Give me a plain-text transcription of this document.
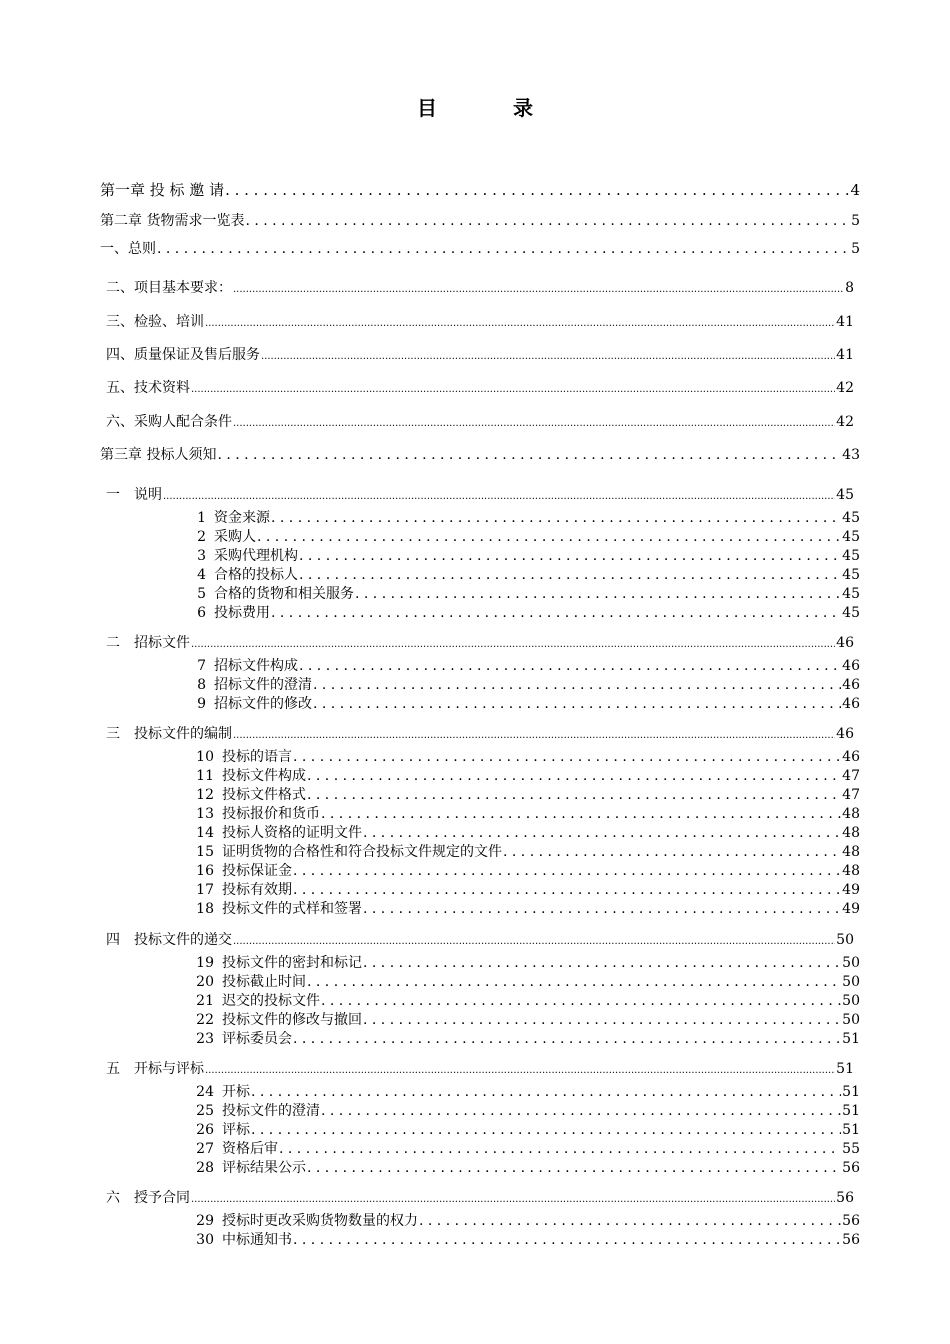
目　录
第一章 投 标 邀 请 . . .	4
第二章 货物需求一览表 . . .	5
一、总则 . . .	5
二、项目基本要求： .....	8
三、检验、培训 .....	41
四、质量保证及售后服务 .....	41
五、技术资料 .....	42
六、采购人配合条件 .....	42
第三章 投标人须知 . . .	43
一 说明 .....	45
1 资金来源 . . .	45
2 采购人 . . .	45
3 采购代理机构 . . .	45
4 合格的投标人 . . .	45
5 合格的货物和相关服务 . . .	45
6 投标费用 . . .	45
二 招标文件 .....	46
7 招标文件构成 . . .	46
8 招标文件的澄清 . . .	46
9 招标文件的修改 . . .	46
三 投标文件的编制 .....	46
10 投标的语言 . . .	46
11 投标文件构成 . . .	47
12 投标文件格式 . . .	47
13 投标报价和货币 . . .	48
14 投标人资格的证明文件 . . .	48
15 证明货物的合格性和符合投标文件规定的文件 . . .	48
16 投标保证金 . . .	48
17 投标有效期 . . .	49
18 投标文件的式样和签署 . . .	49
四 投标文件的递交 .....	50
19 投标文件的密封和标记 . . .	50
20 投标截止时间 . . .	50
21 迟交的投标文件 . . .	50
22 投标文件的修改与撤回 . . .	50
23 评标委员会 . . .	51
五 开标与评标 .....	51
24 开标 . . .	51
25 投标文件的澄清 . . .	51
26 评标 . . .	51
27 资格后审 . . .	55
28 评标结果公示 . . .	56
六 授予合同 .....	56
29 授标时更改采购货物数量的权力 . . .	56
30 中标通知书 . . .	56
